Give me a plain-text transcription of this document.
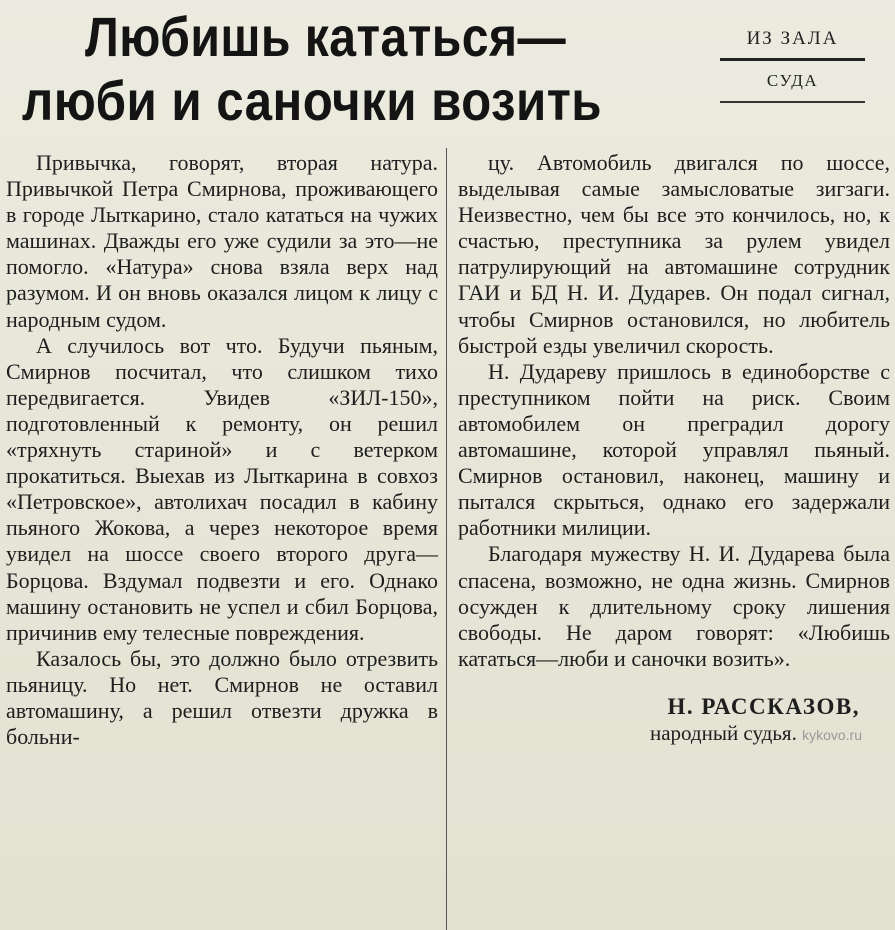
Любишь кататься—
люби и саночки возить
ИЗ ЗАЛА
СУДА

Привычка, говорят, вторая натура. Привычкой Петра Смирнова, проживающего в городе Лыткарино, стало кататься на чужих машинах. Дважды его уже судили за это—не помогло. «Натура» снова взяла верх над разумом. И он вновь оказался лицом к лицу с народным судом.

А случилось вот что. Будучи пьяным, Смирнов посчитал, что слишком тихо передвигается. Увидев «ЗИЛ-150», подготовленный к ремонту, он решил «тряхнуть стариной» и с ветерком прокатиться. Выехав из Лыткарина в совхоз «Петровское», автолихач посадил в кабину пьяного Жокова, а через некоторое время увидел на шоссе своего второго друга—Борцова. Вздумал подвезти и его. Однако машину остановить не успел и сбил Борцова, причинив ему телесные повреждения.

Казалось бы, это должно было отрезвить пьяницу. Но нет. Смирнов не оставил автомашину, а решил отвезти дружка в больни-

цу. Автомобиль двигался по шоссе, выделывая самые замысловатые зигзаги. Неизвестно, чем бы все это кончилось, но, к счастью, преступника за рулем увидел патрулирующий на автомашине сотрудник ГАИ и БД Н. И. Дударев. Он подал сигнал, чтобы Смирнов остановился, но любитель быстрой езды увеличил скорость.

Н. Дудареву пришлось в единоборстве с преступником пойти на риск. Своим автомобилем он преградил дорогу автомашине, которой управлял пьяный. Смирнов остановил, наконец, машину и пытался скрыться, однако его задержали работники милиции.

Благодаря мужеству Н. И. Дударева была спасена, возможно, не одна жизнь. Смирнов осужден к длительному сроку лишения свободы. Не даром говорят: «Любишь кататься—люби и саночки возить».

Н. РАССКАЗОВ,
народный судья. kykovo.ru
